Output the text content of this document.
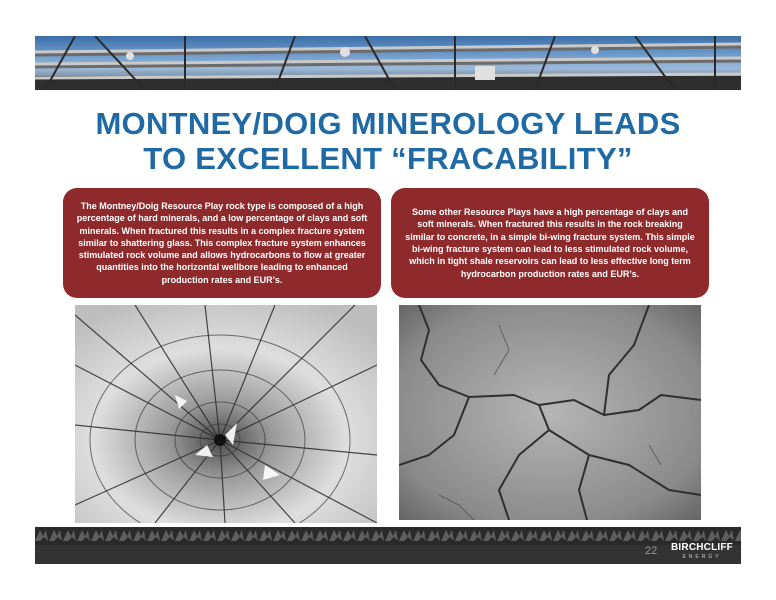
MONTNEY/DOIG MINEROLOGY LEADS
TO EXCELLENT “FRACABILITY”
The Montney/Doig Resource Play rock type is composed of a high percentage of hard minerals, and a low percentage of clays and soft minerals. When fractured this results in a complex fracture system similar to shattering glass. This complex fracture system enhances stimulated rock volume and allows hydrocarbons to flow at greater quantities into the horizontal wellbore leading to enhanced production rates and EUR’s.
Some other Resource Plays have a high percentage of clays and soft minerals. When fractured this results in the rock breaking similar to concrete, in a simple bi-wing fracture system. This simple bi-wing fracture system can lead to less stimulated rock volume, which in tight shale reservoirs can lead to less effective long term hydrocarbon production rates and EUR’s.
22	BIRCHCLIFF
ENERGY
